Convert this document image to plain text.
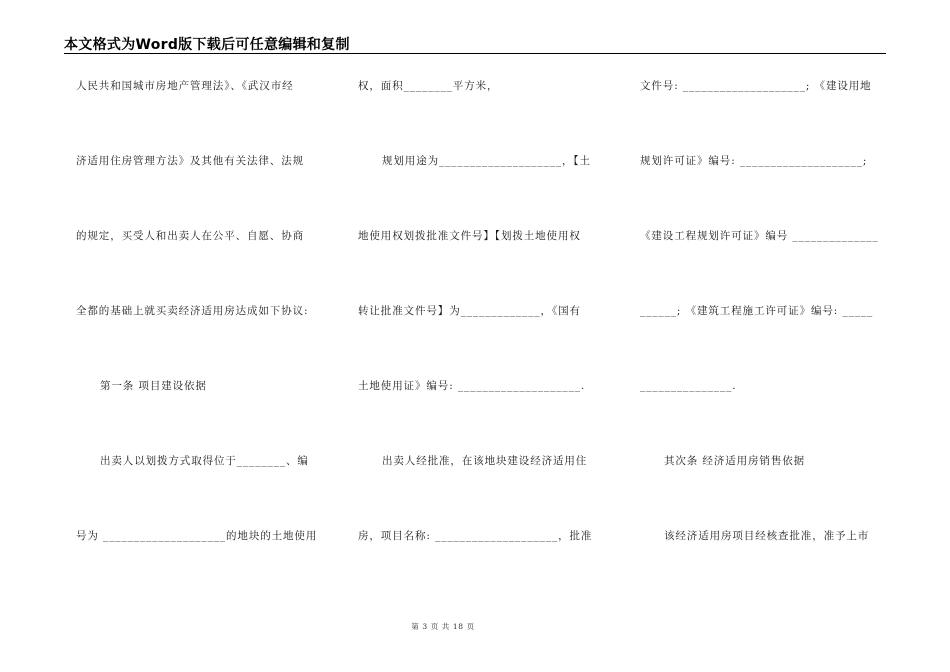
本文格式为Word版下载后可任意编辑和复制
人民共和国城市房地产管理法》、《武汉市经
济适用住房管理方法》及其他有关法律、法规
的规定，买受人和出卖人在公平、自愿、协商
全都的基础上就买卖经济适用房达成如下协议:
第一条 项目建设依据
出卖人以划拨方式取得位于________、编
号为 ____________________的地块的土地使用
权，面积________平方米，
规划用途为____________________，【土
地使用权划拨批准文件号】【划拨土地使用权
转让批准文件号】为_____________，《国有
土地使用证》编号: ____________________.
出卖人经批准，在该地块建设经济适用住
房，项目名称: ____________________，批准
文件号: ____________________; 《建设用地
规划许可证》编号: ____________________;
《建设工程规划许可证》编号 ______________
______; 《建筑工程施工许可证》编号: _____
_______________.
其次条 经济适用房销售依据
该经济适用房项目经核查批准，准予上市
第 3 页 共 18 页
